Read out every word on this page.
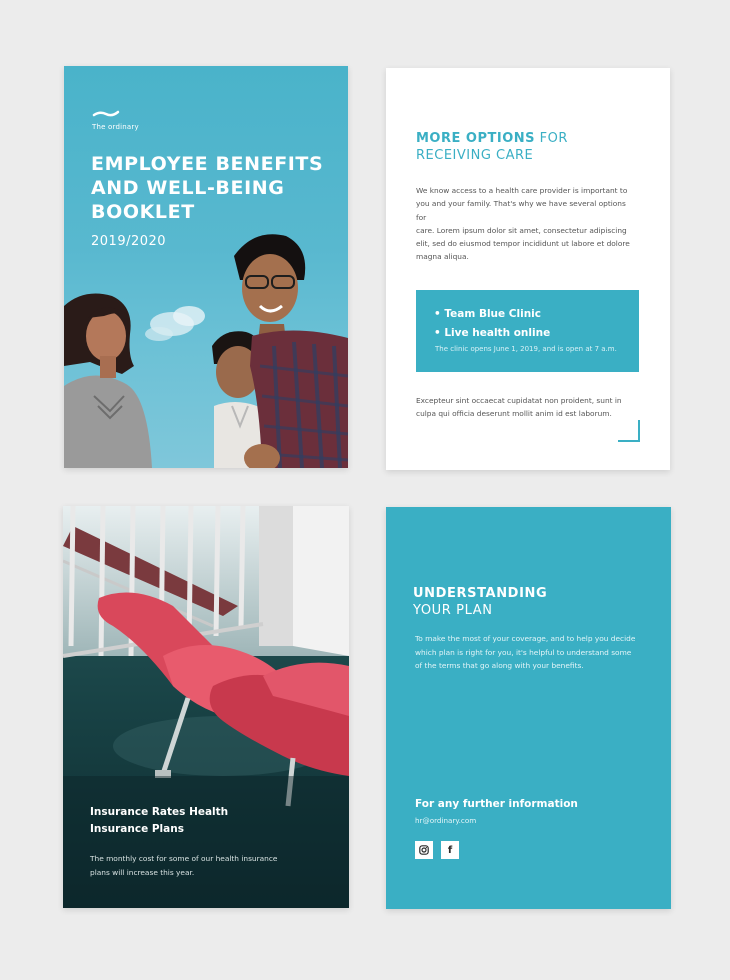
The ordinary
EMPLOYEE BENEFITS
AND WELL-BEING
BOOKLET
2019/2020
MORE OPTIONS FOR
RECEIVING CARE
We know access to a health care provider is important to
you and your family. That's why we have several options for
care. Lorem ipsum dolor sit amet, consectetur adipiscing
elit, sed do eiusmod tempor incididunt ut labore et dolore
magna aliqua.
• Team Blue Clinic
• Live health online
The clinic opens June 1, 2019, and is open at 7 a.m.
Excepteur sint occaecat cupidatat non proident, sunt in
culpa qui officia deserunt mollit anim id est laborum.
Insurance Rates Health
Insurance Plans
The monthly cost for some of our health insurance
plans will increase this year.
UNDERSTANDING
YOUR PLAN
To make the most of your coverage, and to help you decide
which plan is right for you, it's helpful to understand some
of the terms that go along with your benefits.
For any further information
hr@ordinary.com
f
